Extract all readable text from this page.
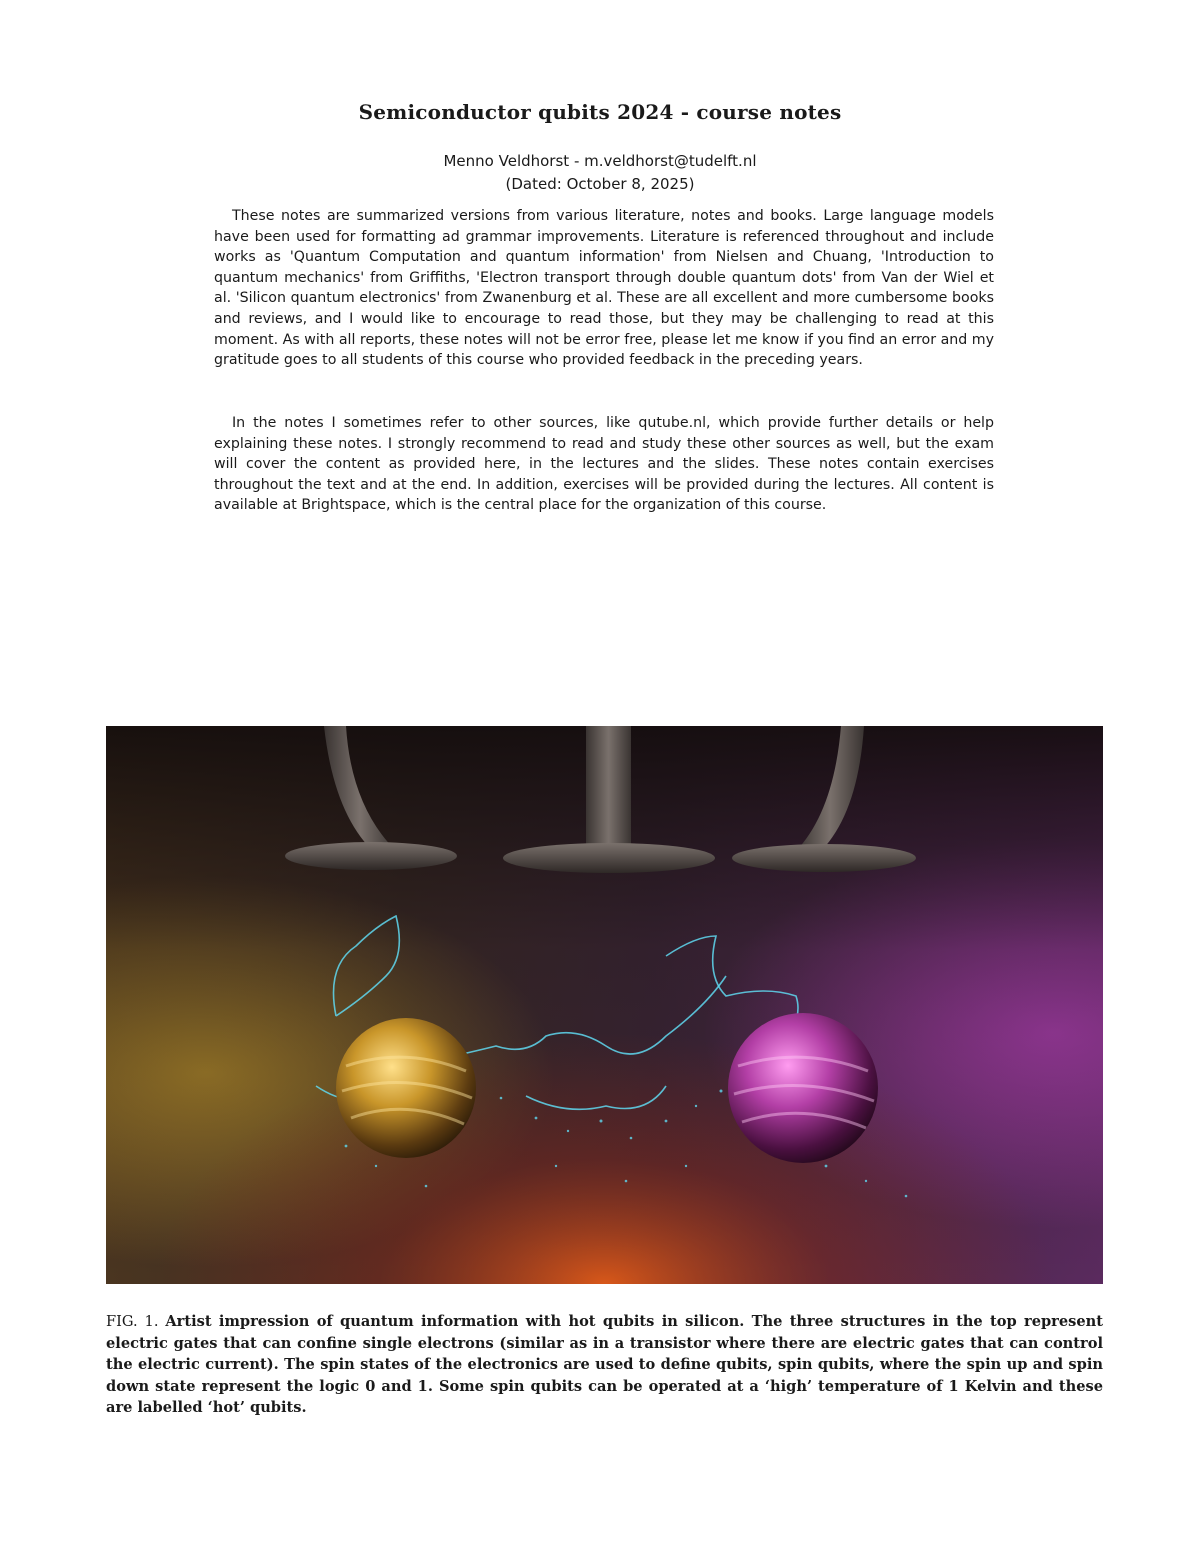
Semiconductor qubits 2024 - course notes
Menno Veldhorst - m.veldhorst@tudelft.nl
(Dated: October 8, 2025)

These notes are summarized versions from various literature, notes and books. Large language models have been used for formatting ad grammar improvements. Literature is referenced throughout and include works as 'Quantum Computation and quantum information' from Nielsen and Chuang, 'Introduction to quantum mechanics' from Griffiths, 'Electron transport through double quantum dots' from Van der Wiel et al. 'Silicon quantum electronics' from Zwanenburg et al. These are all excellent and more cumbersome books and reviews, and I would like to encourage to read those, but they may be challenging to read at this moment. As with all reports, these notes will not be error free, please let me know if you find an error and my gratitude goes to all students of this course who provided feedback in the preceding years.

In the notes I sometimes refer to other sources, like qutube.nl, which provide further details or help explaining these notes. I strongly recommend to read and study these other sources as well, but the exam will cover the content as provided here, in the lectures and the slides. These notes contain exercises throughout the text and at the end. In addition, exercises will be provided during the lectures. All content is available at Brightspace, which is the central place for the organization of this course.

FIG. 1. Artist impression of quantum information with hot qubits in silicon. The three structures in the top represent electric gates that can confine single electrons (similar as in a transistor where there are electric gates that can control the electric current). The spin states of the electronics are used to define qubits, spin qubits, where the spin up and spin down state represent the logic 0 and 1. Some spin qubits can be operated at a ‘high’ temperature of 1 Kelvin and these are labelled ‘hot’ qubits.
